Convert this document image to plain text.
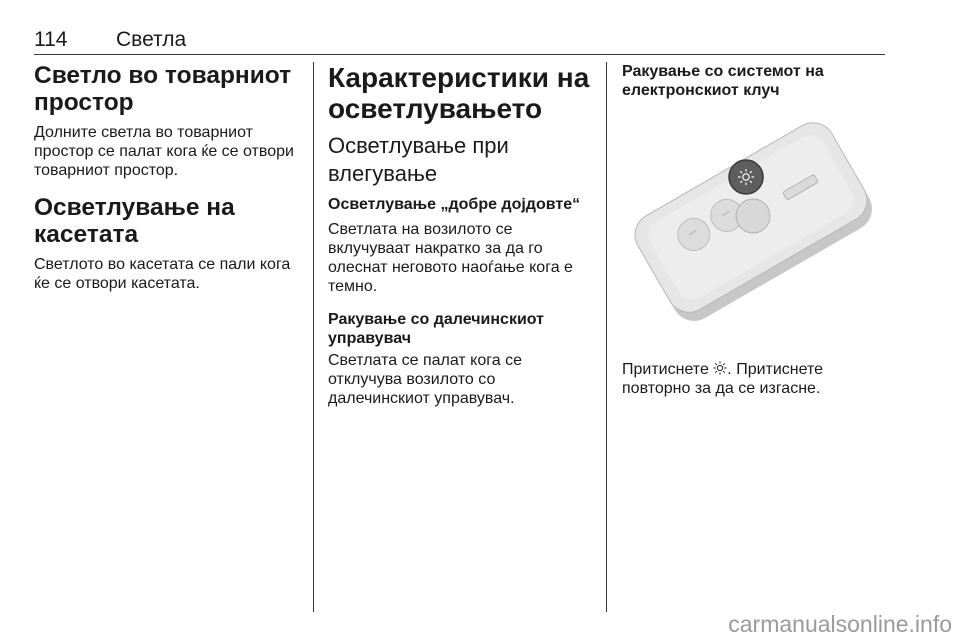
114 Светла
Светло во товарниот простор
Долните светла во товарниот простор се палат кога ќе се отвори товарниот простор.
Осветлување на касетата
Светлото во касетата се пали кога ќе се отвори касетата.
Карактеристики на осветлувањето
Осветлување при влегување
Осветлување „добре дојдовте“
Светлата на возилото се вклучуваат накратко за да го олеснат неговото наоѓање кога е темно.
Ракување со далечинскиот управувач
Светлата се палат кога се отклучува возилото со далечинскиот управувач.
Ракување со системот на електронскиот клуч
Притиснете . Притиснете повторно за да се изгасне.
carmanualsonline.info
